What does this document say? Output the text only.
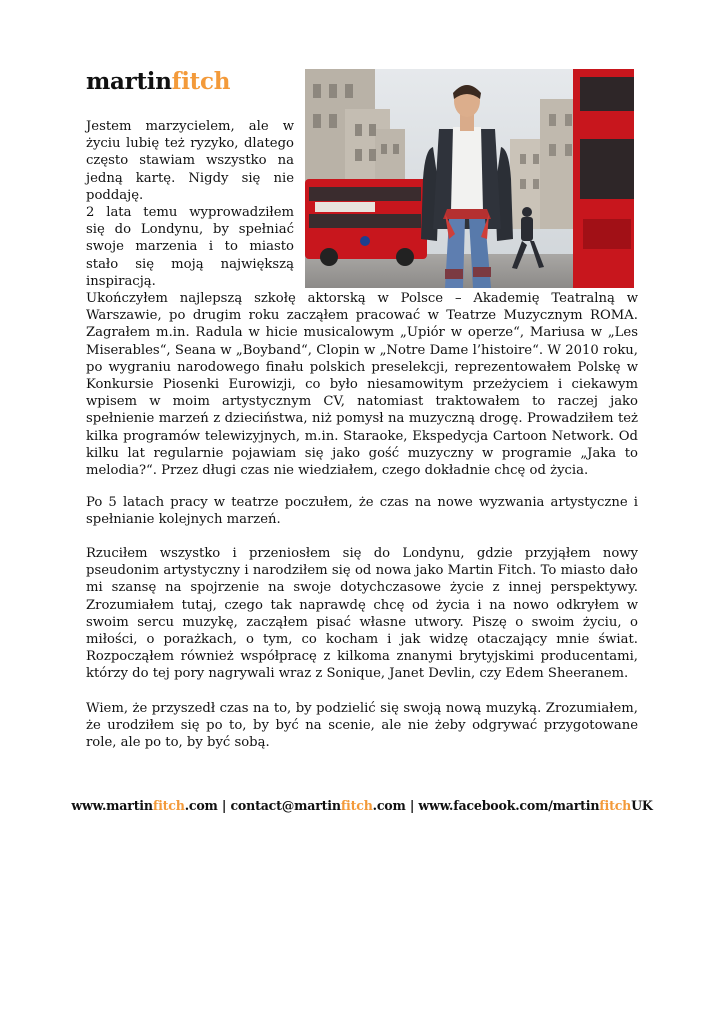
martinfitch

Jestem marzycielem, ale w życiu lubię też ryzyko, dlatego często stawiam wszystko na jedną kartę. Nigdy się nie poddaję.

2 lata temu wyprowadziłem się do Londynu, by spełniać swoje marzenia i to miasto stało się moją największą inspiracją.

Ukończyłem najlepszą szkołę aktorską w Polsce – Akademię Teatralną w Warszawie, po drugim roku zacząłem pracować w Teatrze Muzycznym ROMA. Zagrałem m.in. Radula w hicie musicalowym „Upiór w operze“, Mariusa w „Les Miserables“, Seana w „Boyband“, Clopin w „Notre Dame l’histoire“. W 2010 roku, po wygraniu narodowego finału polskich preselekcji, reprezentowałem Polskę w Konkursie Piosenki Eurowizji, co było niesamowitym przeżyciem i ciekawym wpisem w moim artystycznym CV, natomiast traktowałem to raczej jako spełnienie marzeń z dzieciństwa, niż pomysł na muzyczną drogę. Prowadziłem też kilka programów telewizyjnych, m.in. Staraoke, Ekspedycja Cartoon Network. Od kilku lat regularnie pojawiam się jako gość muzyczny w programie „Jaka to melodia?“. Przez długi czas nie wiedziałem, czego dokładnie chcę od życia.

Po 5 latach pracy w teatrze poczułem, że czas na nowe wyzwania artystyczne i spełnianie kolejnych marzeń.

Rzuciłem wszystko i przeniosłem się do Londynu, gdzie przyjąłem nowy pseudonim artystyczny i narodziłem się od nowa jako Martin Fitch. To miasto dało mi szansę na spojrzenie na swoje dotychczasowe życie z innej perspektywy. Zrozumiałem tutaj, czego tak naprawdę chcę od życia i na nowo odkryłem w swoim sercu muzykę, zacząłem pisać własne utwory. Piszę o swoim życiu, o miłości, o porażkach, o tym, co kocham i jak widzę otaczający mnie świat. Rozpocząłem również współpracę z kilkoma znanymi brytyjskimi producentami, którzy do tej pory nagrywali wraz z Sonique, Janet Devlin, czy Edem Sheeranem.

Wiem, że przyszedł czas na to, by podzielić się swoją nową muzyką. Zrozumiałem, że urodziłem się po to, by być na scenie, ale nie żeby odgrywać przygotowane role, ale po to, by być sobą.

www.martinfitch.com | contact@martinfitch.com | www.facebook.com/martinfitchUK
